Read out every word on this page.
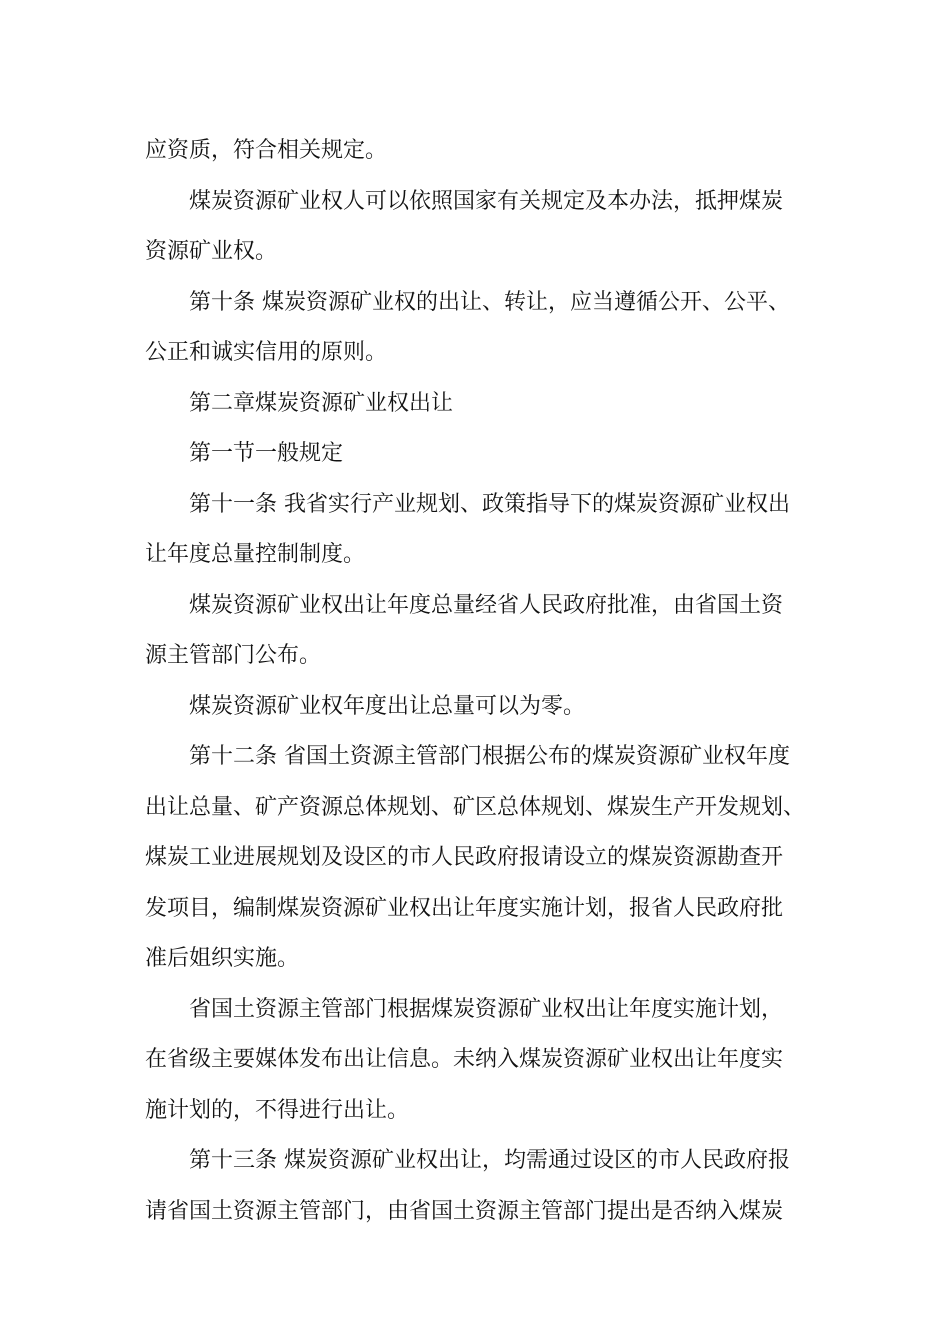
应资质，符合相关规定。
煤炭资源矿业权人可以依照国家有关规定及本办法，抵押煤炭
资源矿业权。
第十条 煤炭资源矿业权的出让、转让，应当遵循公开、公平、
公正和诚实信用的原则。
第二章煤炭资源矿业权出让
第一节一般规定
第十一条 我省实行产业规划、政策指导下的煤炭资源矿业权出
让年度总量控制制度。
煤炭资源矿业权出让年度总量经省人民政府批准，由省国土资
源主管部门公布。
煤炭资源矿业权年度出让总量可以为零。
第十二条 省国土资源主管部门根据公布的煤炭资源矿业权年度
出让总量、矿产资源总体规划、矿区总体规划、煤炭生产开发规划、
煤炭工业进展规划及设区的市人民政府报请设立的煤炭资源勘查开
发项目，编制煤炭资源矿业权出让年度实施计划，报省人民政府批
准后姐织实施。
省国土资源主管部门根据煤炭资源矿业权出让年度实施计划，
在省级主要媒体发布出让信息。未纳入煤炭资源矿业权出让年度实
施计划的，不得进行出让。
第十三条 煤炭资源矿业权出让，均需通过设区的市人民政府报
请省国土资源主管部门，由省国土资源主管部门提出是否纳入煤炭
